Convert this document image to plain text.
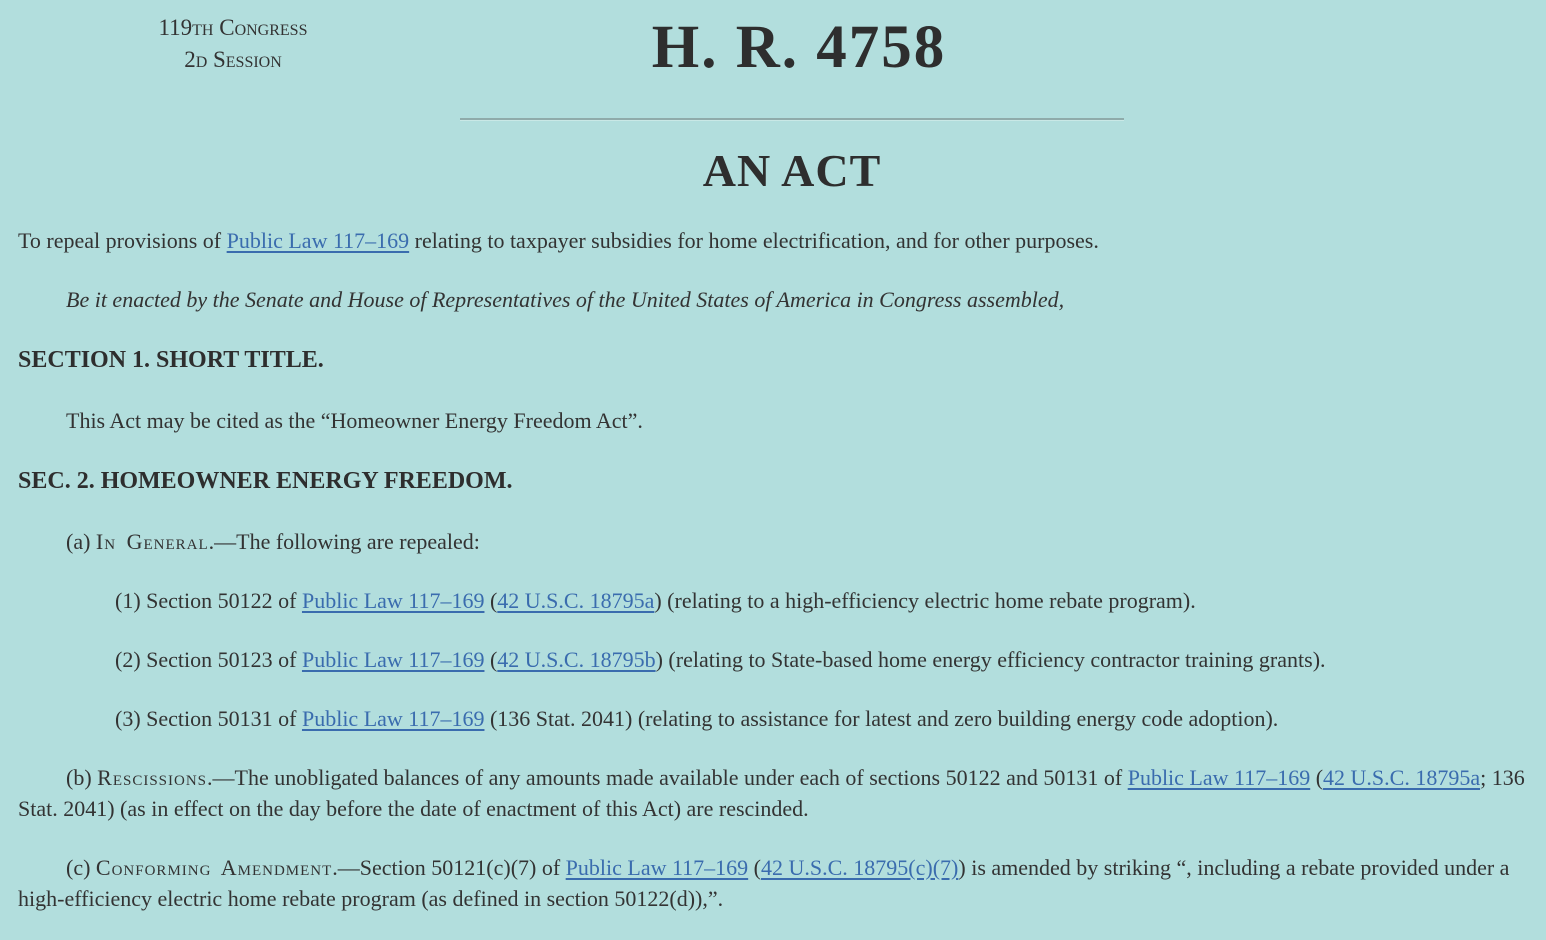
119th Congress
2d Session	H. R. 4758
AN ACT

To repeal provisions of Public Law 117–169 relating to taxpayer subsidies for home electrification, and for other purposes.

Be it enacted by the Senate and House of Representatives of the United States of America in Congress assembled,

SECTION 1. SHORT TITLE.

This Act may be cited as the “Homeowner Energy Freedom Act”.

SEC. 2. HOMEOWNER ENERGY FREEDOM.

(a) In General.—The following are repealed:

(1) Section 50122 of Public Law 117–169 (42 U.S.C. 18795a) (relating to a high-efficiency electric home rebate program).

(2) Section 50123 of Public Law 117–169 (42 U.S.C. 18795b) (relating to State-based home energy efficiency contractor training grants).

(3) Section 50131 of Public Law 117–169 (136 Stat. 2041) (relating to assistance for latest and zero building energy code adoption).

(b) Rescissions.—The unobligated balances of any amounts made available under each of sections 50122 and 50131 of Public Law 117–169 (42 U.S.C. 18795a; 136 Stat. 2041) (as in effect on the day before the date of enactment of this Act) are rescinded.

(c) Conforming Amendment.—Section 50121(c)(7) of Public Law 117–169 (42 U.S.C. 18795(c)(7)) is amended by striking “, including a rebate provided under a high-efficiency electric home rebate program (as defined in section 50122(d)),”.
